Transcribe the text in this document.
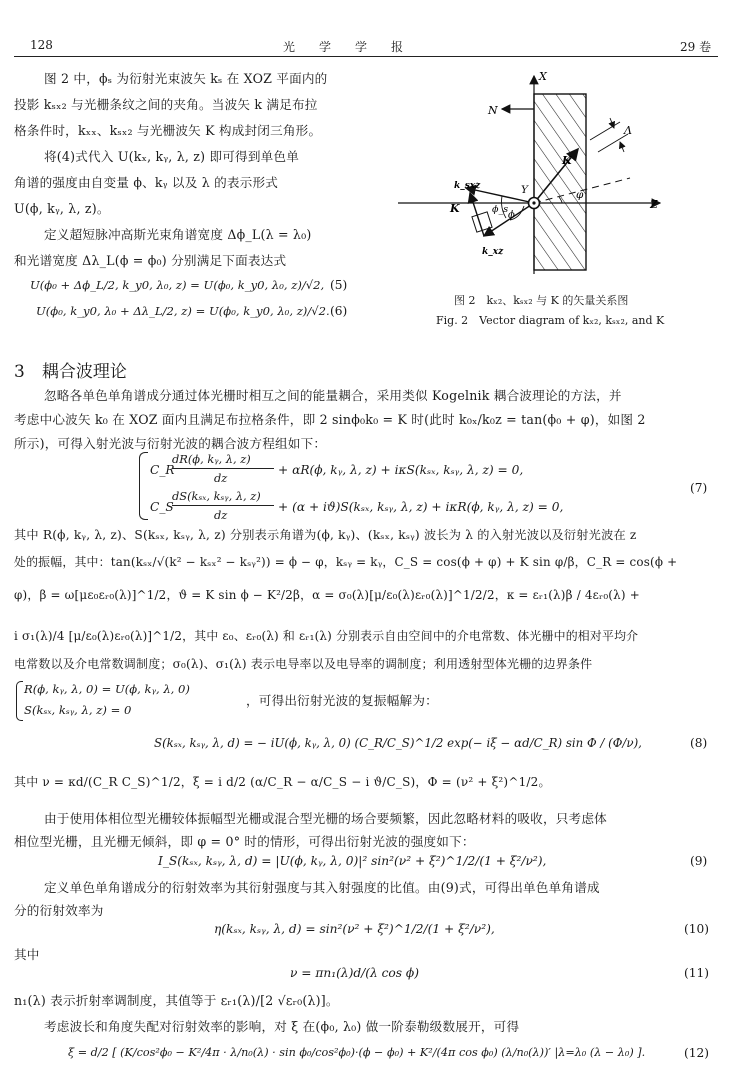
128	光　　学　　学　　报	29 卷
图 2 中，ϕₛ 为衍射光束波矢 kₛ 在 XOZ 平面内的
投影 kₛₓ₂ 与光栅条纹之间的夹角。当波矢 k 满足布拉
格条件时，kₓₓ、kₛₓ₂ 与光栅波矢 K 构成封闭三角形。
将(4)式代入 U(kₓ, kᵧ, λ, z) 即可得到单色单
角谱的强度由自变量 ϕ、kᵧ 以及 λ 的表示形式
U(ϕ, kᵧ, λ, z)。
定义超短脉冲高斯光束角谱宽度 Δϕ_L(λ = λ₀)
和光谱宽度 Δλ_L(ϕ = ϕ₀) 分别满足下面表达式
U(ϕ₀ + Δϕ_L/2, k_y0, λ₀, z) = U(ϕ₀, k_y0, λ₀, z)/√2, (5)
U(ϕ₀, k_y0, λ₀ + Δλ_L/2, z) = U(ϕ₀, k_y0, λ₀, z)/√2. (6)
X
Z
N
Y
Λ
K
K
k_sxz
k_xz
ϕ_s
ϕ
φ
图 2　kₓ₂、kₛₓ₂ 与 K 的矢量关系图
Fig. 2　Vector diagram of kₓ₂, kₛₓ₂, and K
3　耦合波理论
忽略各单色单角谱成分通过体光栅时相互之间的能量耦合，采用类似 Kogelnik 耦合波理论的方法，并
考虑中心波矢 k₀ 在 XOZ 面内且满足布拉格条件，即 2 sinϕ₀k₀ = K 时(此时 k₀ₓ/k₀z = tan(ϕ₀ + φ)，如图 2
所示)，可得入射光波与衍射光波的耦合波方程组如下：
C_R
dR(ϕ, kᵧ, λ, z)
dz
+ αR(ϕ, kᵧ, λ, z) + iκS(kₛₓ, kₛᵧ, λ, z) = 0,
C_S
dS(kₛₓ, kₛᵧ, λ, z)
dz
+ (α + iϑ)S(kₛₓ, kₛᵧ, λ, z) + iκR(ϕ, kᵧ, λ, z) = 0,
(7)
其中 R(ϕ, kᵧ, λ, z)、S(kₛₓ, kₛᵧ, λ, z) 分别表示角谱为(ϕ, kᵧ)、(kₛₓ, kₛᵧ) 波长为 λ 的入射光波以及衍射光波在 z
处的振幅，其中：tan(kₛₓ/√(k² − kₛₓ² − kₛᵧ²)) = ϕ − φ，kₛᵧ = kᵧ，C_S = cos(ϕ + φ) + K sin φ/β，C_R = cos(ϕ +
φ)，β = ω[με₀εᵣ₀(λ)]^1/2，ϑ = K sin ϕ − K²/2β，α = σ₀(λ)[μ/ε₀(λ)εᵣ₀(λ)]^1/2/2，κ = εᵣ₁(λ)β / 4εᵣ₀(λ) +
i σ₁(λ)/4 [μ/ε₀(λ)εᵣ₀(λ)]^1/2，其中 ε₀、εᵣ₀(λ) 和 εᵣ₁(λ) 分别表示自由空间中的介电常数、体光栅中的相对平均介
电常数以及介电常数调制度；σ₀(λ)、σ₁(λ) 表示电导率以及电导率的调制度；利用透射型体光栅的边界条件
R(ϕ, kᵧ, λ, 0) = U(ϕ, kᵧ, λ, 0)
S(kₛₓ, kₛᵧ, λ, z) = 0
，可得出衍射光波的复振幅解为：
S(kₛₓ, kₛᵧ, λ, d) = − iU(ϕ, kᵧ, λ, 0) (C_R/C_S)^1/2 exp(− iξ − αd/C_R) sin Φ / (Φ/ν),	(8)
其中 ν = κd/(C_R C_S)^1/2，ξ = i d/2 (α/C_R − α/C_S − i ϑ/C_S)，Φ = (ν² + ξ²)^1/2。
由于使用体相位型光栅较体振幅型光栅或混合型光栅的场合要频繁，因此忽略材料的吸收，只考虑体
相位型光栅，且光栅无倾斜，即 φ = 0° 时的情形，可得出衍射光波的强度如下：
I_S(kₛₓ, kₛᵧ, λ, d) = |U(ϕ, kᵧ, λ, 0)|² sin²(ν² + ξ²)^1/2/(1 + ξ²/ν²),	(9)
定义单色单角谱成分的衍射效率为其衍射强度与其入射强度的比值。由(9)式，可得出单色单角谱成
分的衍射效率为
η(kₛₓ, kₛᵧ, λ, d) = sin²(ν² + ξ²)^1/2/(1 + ξ²/ν²),	(10)
其中
ν = πn₁(λ)d/(λ cos ϕ)	(11)
n₁(λ) 表示折射率调制度，其值等于 εᵣ₁(λ)/[2 √εᵣ₀(λ)]。
考虑波长和角度失配对衍射效率的影响，对 ξ 在(ϕ₀, λ₀) 做一阶泰勒级数展开，可得
ξ = d/2 [ (K/cos²ϕ₀ − K²/4π · λ/n₀(λ) · sin ϕ₀/cos²ϕ₀)·(ϕ − ϕ₀) + K²/(4π cos ϕ₀) (λ/n₀(λ))′ |λ=λ₀ (λ − λ₀) ].	(12)
